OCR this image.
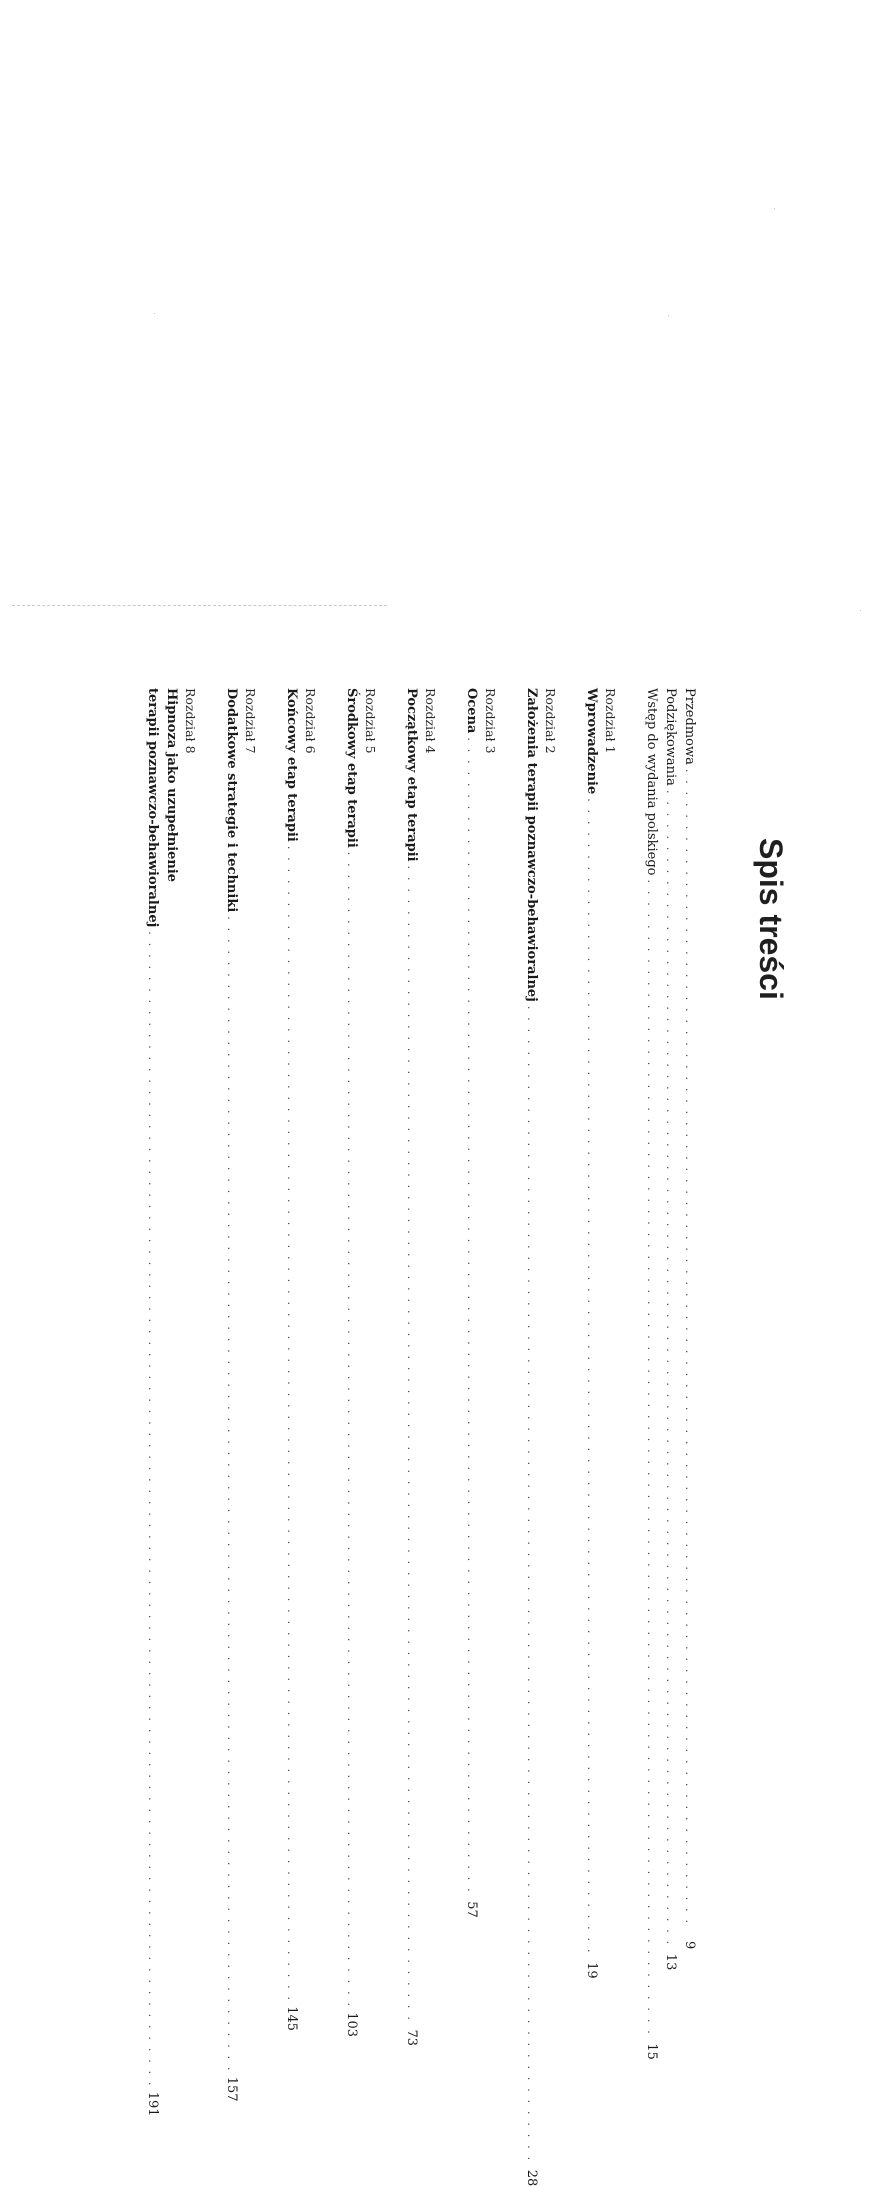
Spis treści
Przedmowa
. . . . . . . . . . . . . . . . . . . . . . . . . . . . . . . . . . . . . . . . . . . . . . . . . . . . . . . . . . . . . . . . . . . . . . . . . . . . . . . . . . . . . . . . . . . . . . . . . . . . . .
9
Podziękowania
. . . . . . . . . . . . . . . . . . . . . . . . . . . . . . . . . . . . . . . . . . . . . . . . . . . . . . . . . . . . . . . . . . . . . . . . . . . . . . . . . . . . . . . . . . . . . . . . . . . . . .
13
Wstęp do wydania polskiego
. . . . . . . . . . . . . . . . . . . . . . . . . . . . . . . . . . . . . . . . . . . . . . . . . . . . . . . . . . . . . . . . . . . . . . . . . . . . . . . . . . . . . . . . . . . . . . . . . . . . . .
15
Rozdział 1
Wprowadzenie
. . . . . . . . . . . . . . . . . . . . . . . . . . . . . . . . . . . . . . . . . . . . . . . . . . . . . . . . . . . . . . . . . . . . . . . . . . . . . . . . . . . . . . . . . . . . . . . . . . . . . .
19
Rozdział 2
Założenia terapii poznawczo-behawioralnej
. . . . . . . . . . . . . . . . . . . . . . . . . . . . . . . . . . . . . . . . . . . . . . . . . . . . . . . . . . . . . . . . . . . . . . . . . . . . . . . . . . . . . . . . . . . . . . . . . . . . . .
28
Rozdział 3
Ocena
. . . . . . . . . . . . . . . . . . . . . . . . . . . . . . . . . . . . . . . . . . . . . . . . . . . . . . . . . . . . . . . . . . . . . . . . . . . . . . . . . . . . . . . . . . . . . . . . . . . . . .
57
Rozdział 4
Początkowy etap terapii
. . . . . . . . . . . . . . . . . . . . . . . . . . . . . . . . . . . . . . . . . . . . . . . . . . . . . . . . . . . . . . . . . . . . . . . . . . . . . . . . . . . . . . . . . . . . . . . . . . . . . .
73
Rozdział 5
Środkowy etap terapii
. . . . . . . . . . . . . . . . . . . . . . . . . . . . . . . . . . . . . . . . . . . . . . . . . . . . . . . . . . . . . . . . . . . . . . . . . . . . . . . . . . . . . . . . . . . . . . . . . . . . . .
103
Rozdział 6
Końcowy etap terapii
. . . . . . . . . . . . . . . . . . . . . . . . . . . . . . . . . . . . . . . . . . . . . . . . . . . . . . . . . . . . . . . . . . . . . . . . . . . . . . . . . . . . . . . . . . . . . . . . . . . . . .
145
Rozdział 7
Dodatkowe strategie i techniki
. . . . . . . . . . . . . . . . . . . . . . . . . . . . . . . . . . . . . . . . . . . . . . . . . . . . . . . . . . . . . . . . . . . . . . . . . . . . . . . . . . . . . . . . . . . . . . . . . . . . . .
157
Rozdział 8
Hipnoza jako uzupełnienie
terapii poznawczo-behawioralnej
. . . . . . . . . . . . . . . . . . . . . . . . . . . . . . . . . . . . . . . . . . . . . . . . . . . . . . . . . . . . . . . . . . . . . . . . . . . . . . . . . . . . . . . . . . . . . . . . . . . . . .
191
